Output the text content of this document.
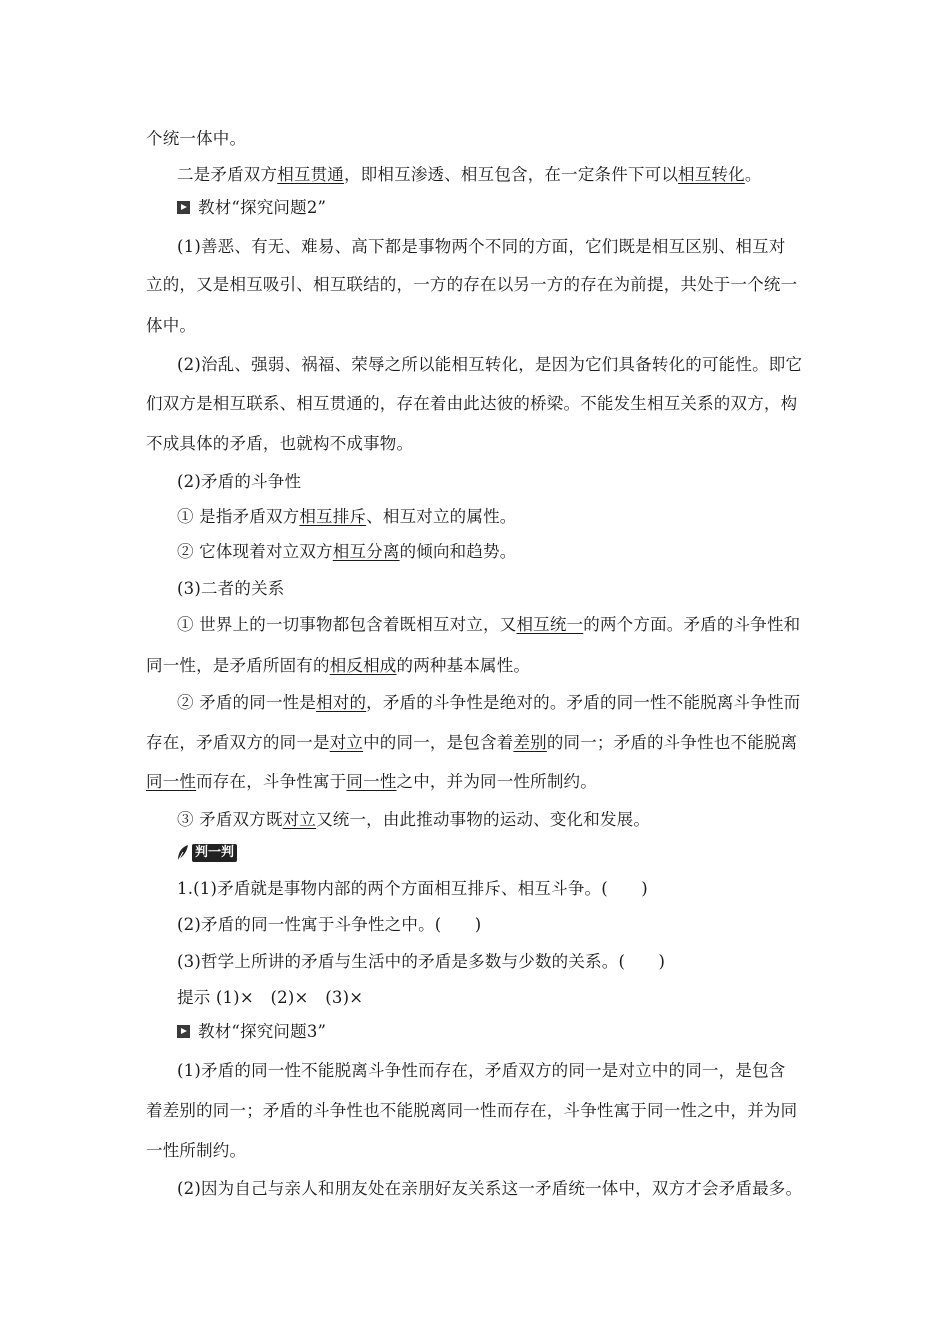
个统一体中。
二是矛盾双方相互贯通，即相互渗透、相互包含，在一定条件下可以相互转化。
教材“探究问题2”
(1)善恶、有无、难易、高下都是事物两个不同的方面，它们既是相互区别、相互对
立的，又是相互吸引、相互联结的，一方的存在以另一方的存在为前提，共处于一个统一
体中。
(2)治乱、强弱、祸福、荣辱之所以能相互转化，是因为它们具备转化的可能性。即它
们双方是相互联系、相互贯通的，存在着由此达彼的桥梁。不能发生相互关系的双方，构
不成具体的矛盾，也就构不成事物。
(2)矛盾的斗争性
① 是指矛盾双方相互排斥、相互对立的属性。
② 它体现着对立双方相互分离的倾向和趋势。
(3)二者的关系
① 世界上的一切事物都包含着既相互对立，又相互统一的两个方面。矛盾的斗争性和
同一性，是矛盾所固有的相反相成的两种基本属性。
② 矛盾的同一性是相对的，矛盾的斗争性是绝对的。矛盾的同一性不能脱离斗争性而
存在，矛盾双方的同一是对立中的同一，是包含着差别的同一；矛盾的斗争性也不能脱离
同一性而存在，斗争性寓于同一性之中，并为同一性所制约。
③ 矛盾双方既对立又统一，由此推动事物的运动、变化和发展。
判一判
1.(1)矛盾就是事物内部的两个方面相互排斥、相互斗争。(　　)
(2)矛盾的同一性寓于斗争性之中。(　　)
(3)哲学上所讲的矛盾与生活中的矛盾是多数与少数的关系。(　　)
提示 (1)×　(2)×　(3)×
教材“探究问题3”
(1)矛盾的同一性不能脱离斗争性而存在，矛盾双方的同一是对立中的同一，是包含
着差别的同一；矛盾的斗争性也不能脱离同一性而存在，斗争性寓于同一性之中，并为同
一性所制约。
(2)因为自己与亲人和朋友处在亲朋好友关系这一矛盾统一体中，双方才会矛盾最多。
